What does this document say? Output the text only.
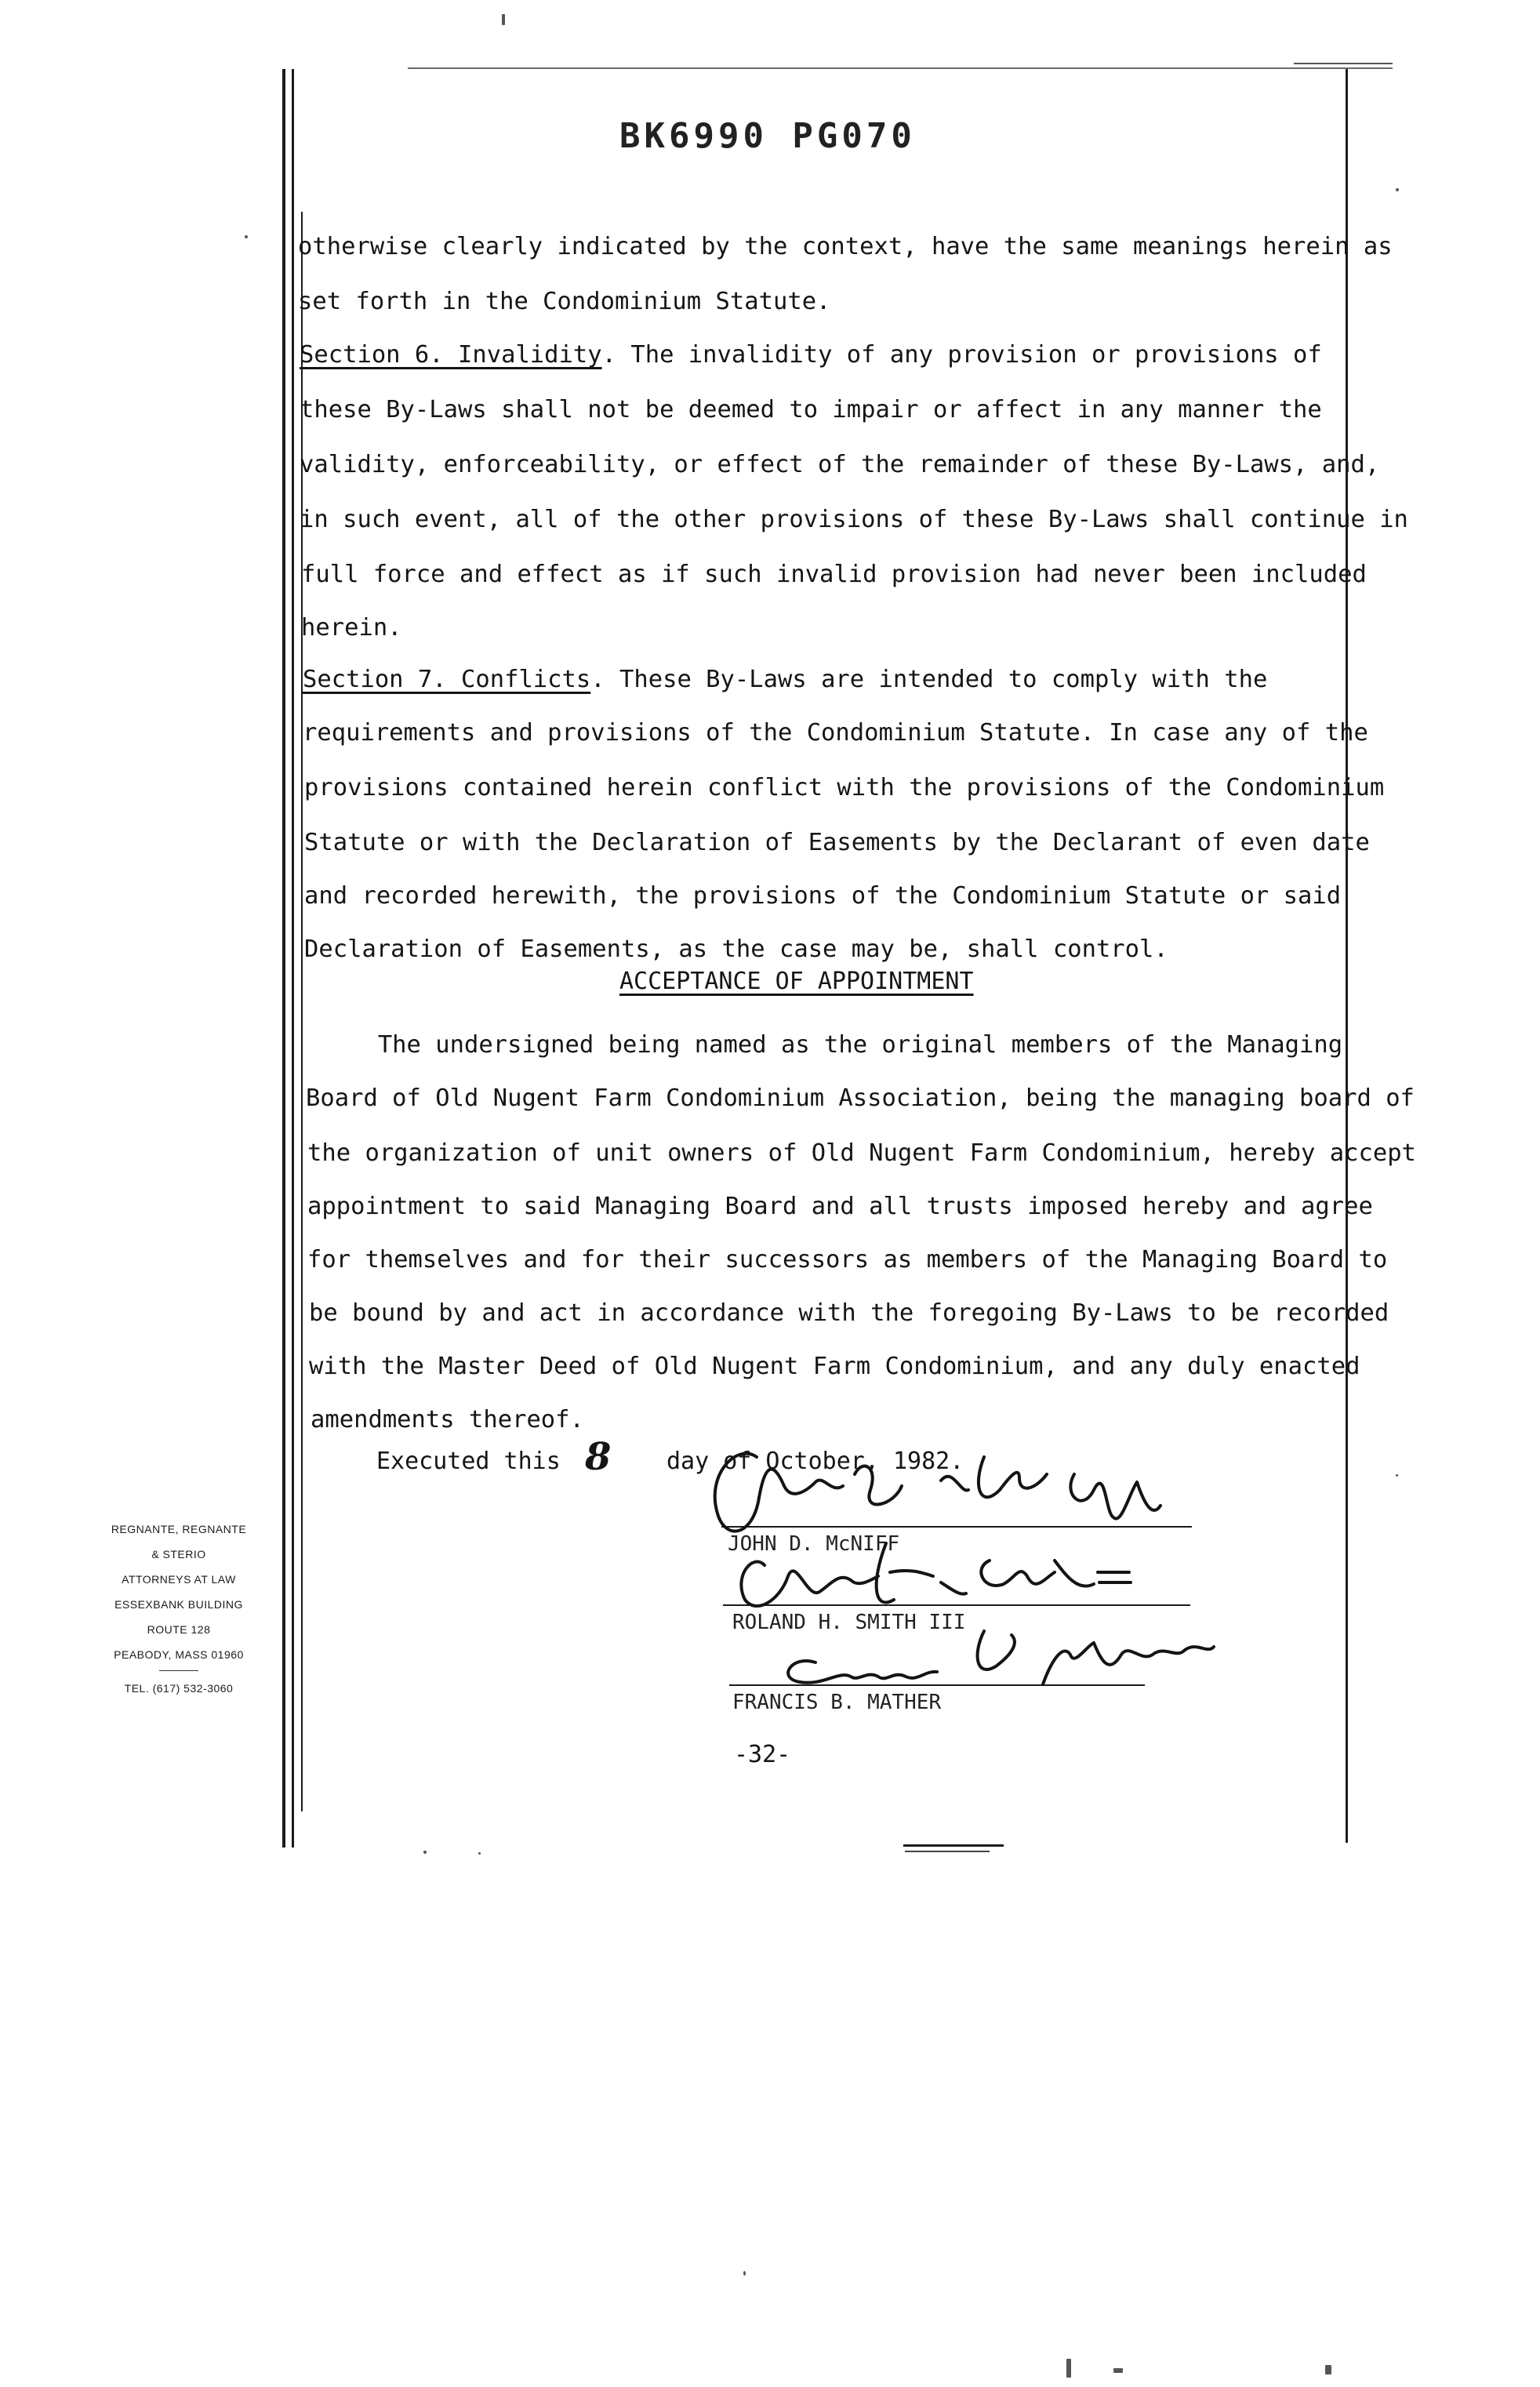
BK6990 PG070
otherwise clearly indicated by the context, have the same meanings herein as
set forth in the Condominium Statute.
Section 6. Invalidity. The invalidity of any provision or provisions of
these By-Laws shall not be deemed to impair or affect in any manner the
validity, enforceability, or effect of the remainder of these By-Laws, and,
in such event, all of the other provisions of these By-Laws shall continue in
full force and effect as if such invalid provision had never been included
herein.
Section 7. Conflicts. These By-Laws are intended to comply with the
requirements and provisions of the Condominium Statute. In case any of the
provisions contained herein conflict with the provisions of the Condominium
Statute or with the Declaration of Easements by the Declarant of even date
and recorded herewith, the provisions of the Condominium Statute or said
Declaration of Easements, as the case may be, shall control.
ACCEPTANCE OF APPOINTMENT
The undersigned being named as the original members of the Managing
Board of Old Nugent Farm Condominium Association, being the managing board of
the organization of unit owners of Old Nugent Farm Condominium, hereby accept
appointment to said Managing Board and all trusts imposed hereby and agree
for themselves and for their successors as members of the Managing Board to
be bound by and act in accordance with the foregoing By-Laws to be recorded
with the Master Deed of Old Nugent Farm Condominium, and any duly enacted
amendments thereof.
Executed this 8 day of October, 1982.
JOHN D. McNIFF
ROLAND H. SMITH III
FRANCIS B. MATHER
-32-
REGNANTE, REGNANTE
& STERIO
ATTORNEYS AT LAW
ESSEXBANK BUILDING
ROUTE 128
PEABODY, MASS 01960
TEL. (617) 532-3060
